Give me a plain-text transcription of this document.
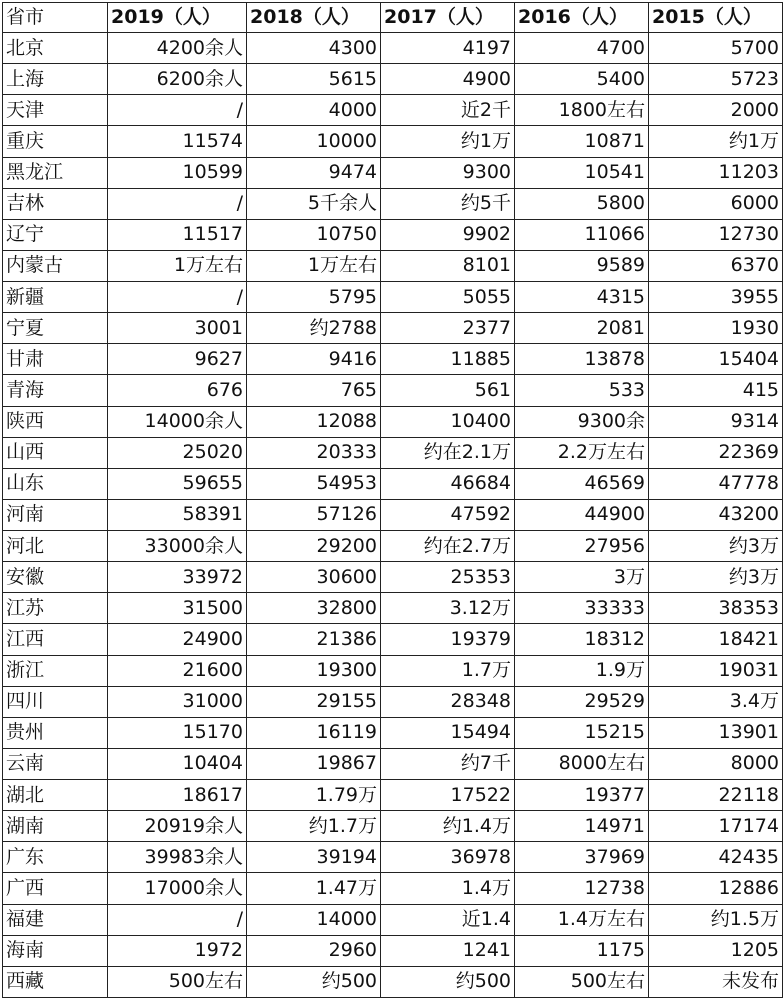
省市	2019（人）	2018（人）	2017（人）	2016（人）	2015（人）
北京	4200余人	4300	4197	4700	5700
上海	6200余人	5615	4900	5400	5723
天津	/	4000	近2千	1800左右	2000
重庆	11574	10000	约1万	10871	约1万
黑龙江	10599	9474	9300	10541	11203
吉林	/	5千余人	约5千	5800	6000
辽宁	11517	10750	9902	11066	12730
内蒙古	1万左右	1万左右	8101	9589	6370
新疆	/	5795	5055	4315	3955
宁夏	3001	约2788	2377	2081	1930
甘肃	9627	9416	11885	13878	15404
青海	676	765	561	533	415
陕西	14000余人	12088	10400	9300余	9314
山西	25020	20333	约在2.1万	2.2万左右	22369
山东	59655	54953	46684	46569	47778
河南	58391	57126	47592	44900	43200
河北	33000余人	29200	约在2.7万	27956	约3万
安徽	33972	30600	25353	3万	约3万
江苏	31500	32800	3.12万	33333	38353
江西	24900	21386	19379	18312	18421
浙江	21600	19300	1.7万	1.9万	19031
四川	31000	29155	28348	29529	3.4万
贵州	15170	16119	15494	15215	13901
云南	10404	19867	约7千	8000左右	8000
湖北	18617	1.79万	17522	19377	22118
湖南	20919余人	约1.7万	约1.4万	14971	17174
广东	39983余人	39194	36978	37969	42435
广西	17000余人	1.47万	1.4万	12738	12886
福建	/	14000	近1.4	1.4万左右	约1.5万
海南	1972	2960	1241	1175	1205
西藏	500左右	约500	约500	500左右	未发布
